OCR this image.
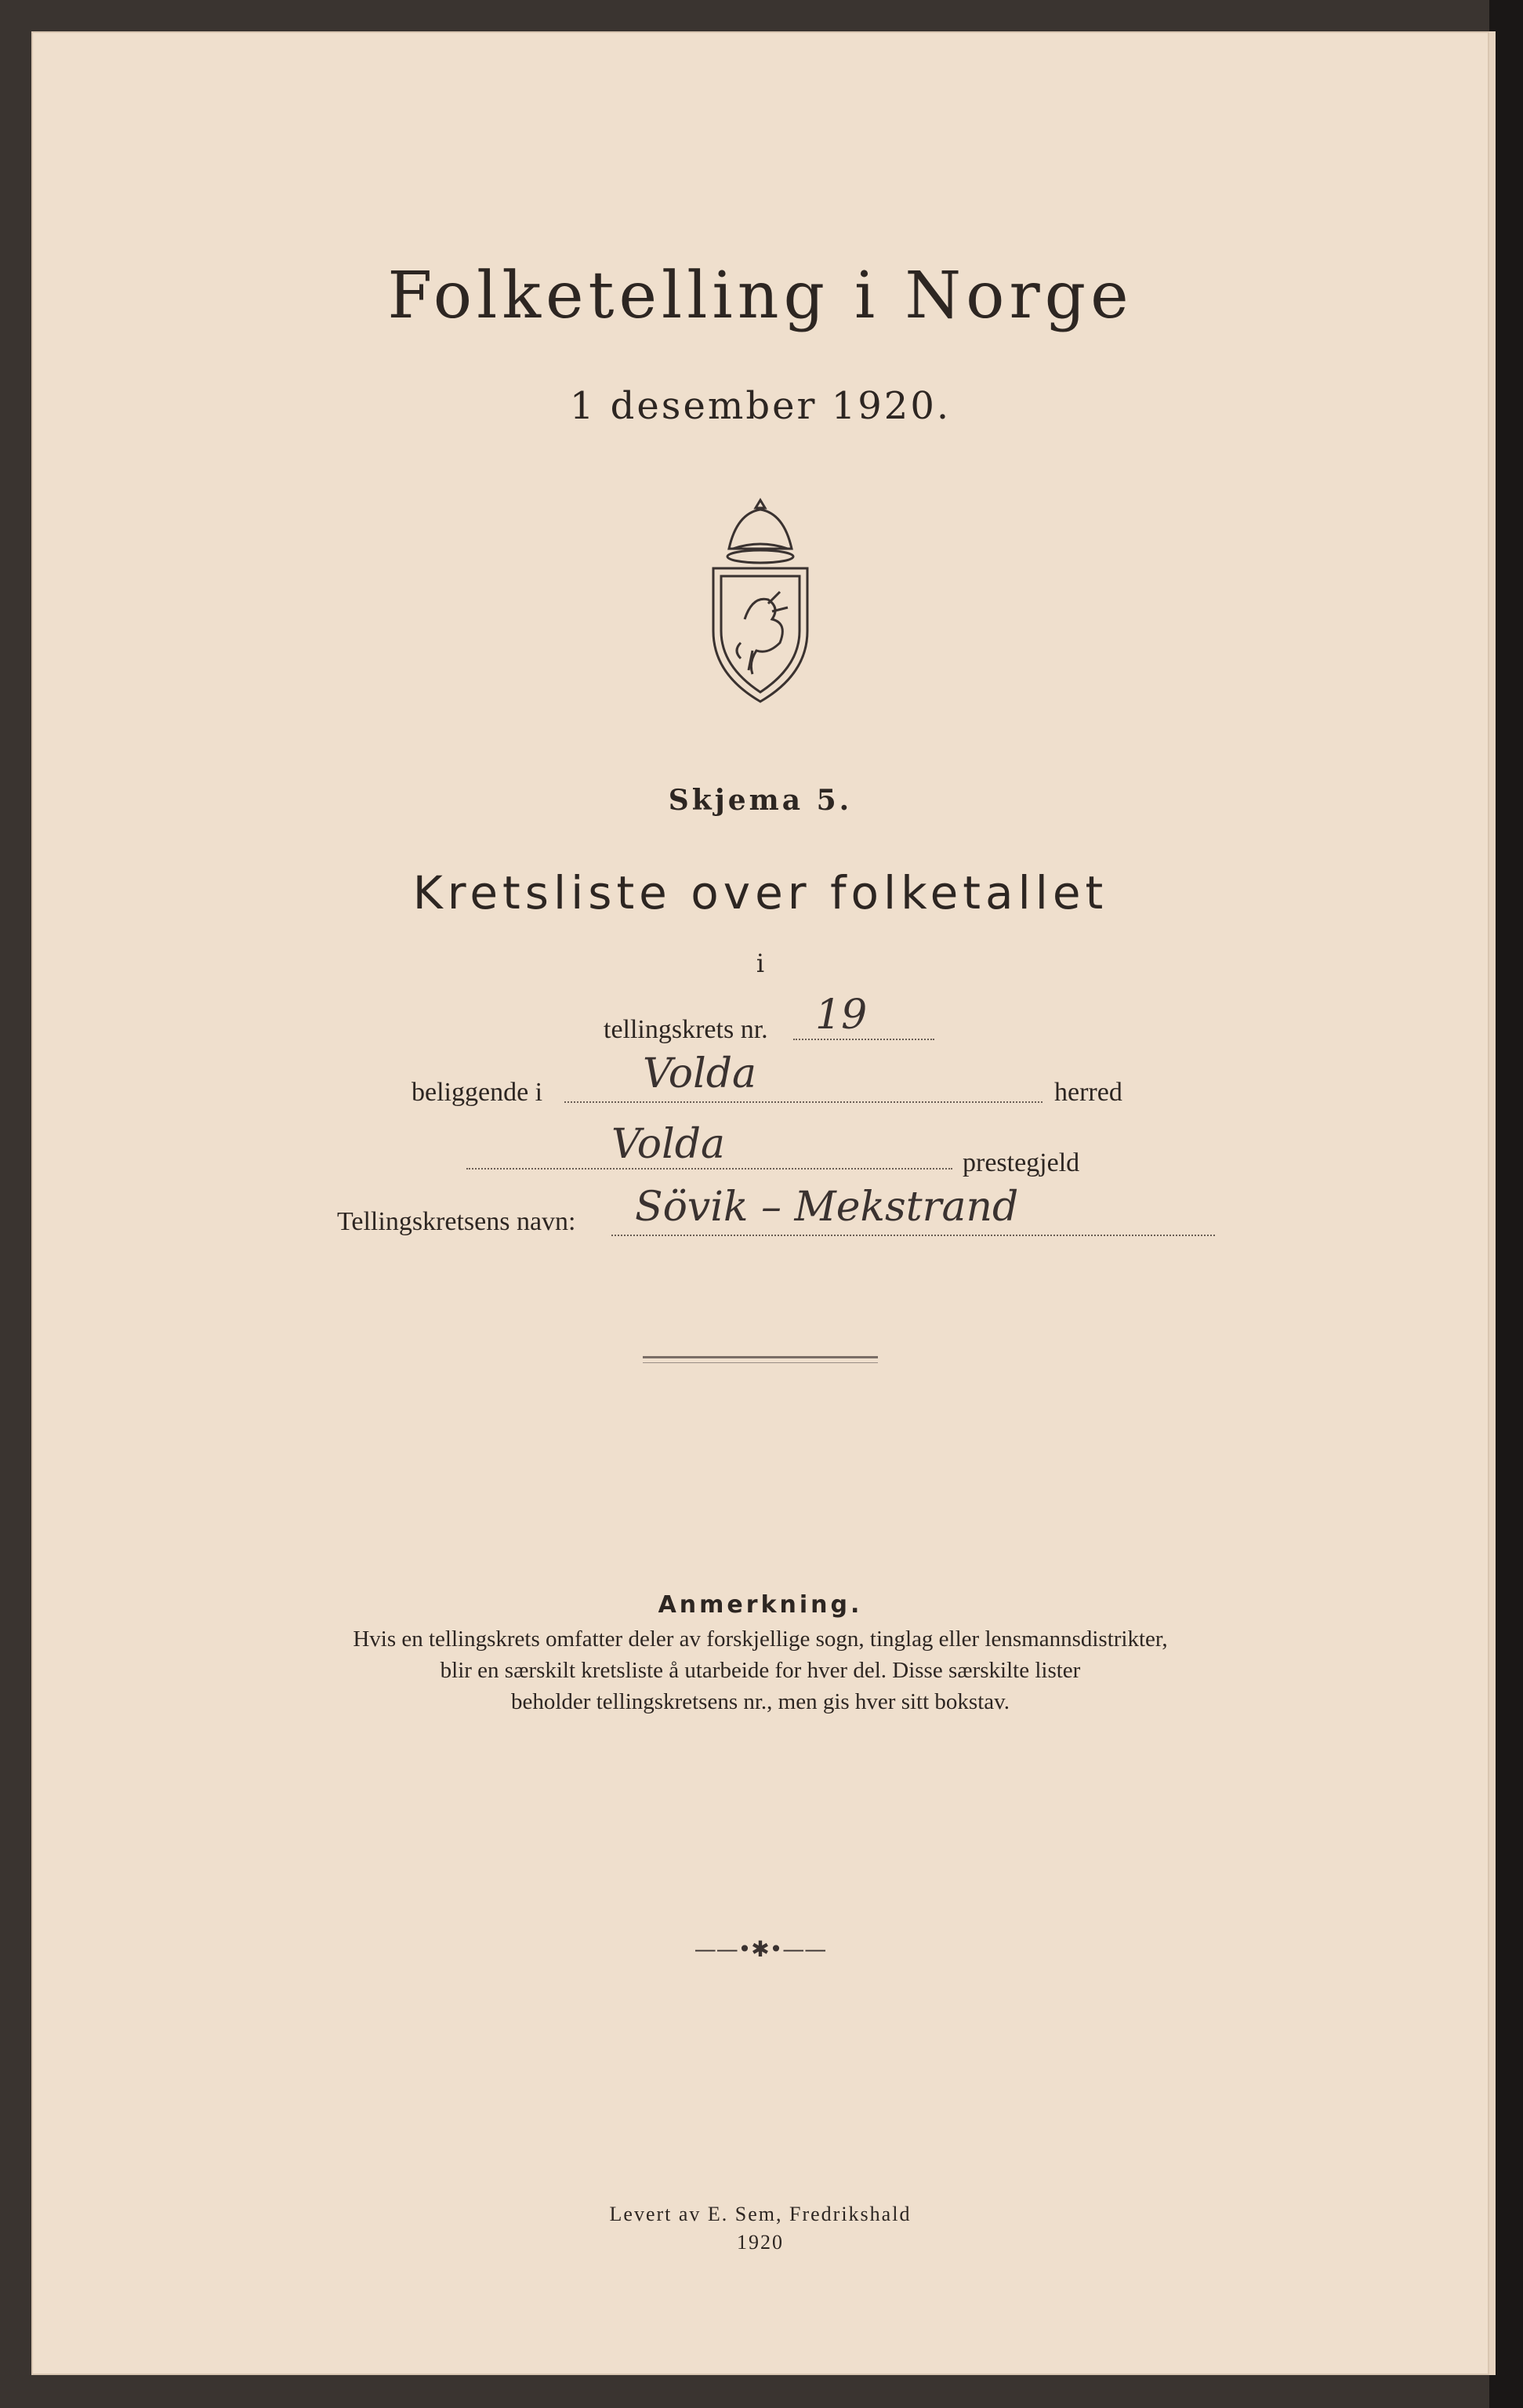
Folketelling i Norge
1 desember 1920.
Skjema 5.
Kretsliste over folketallet
i
tellingskrets nr. 19
beliggende i Volda	herred
Volda	prestegjeld
Tellingskretsens navn: Sövik – Mekstrand
Anmerkning.
Hvis en tellingskrets omfatter deler av forskjellige sogn, tinglag eller lensmannsdistrikter,
blir en særskilt kretsliste å utarbeide for hver del. Disse særskilte lister
beholder tellingskretsens nr., men gis hver sitt bokstav.
——•✱•——
Levert av E. Sem, Fredrikshald
1920
